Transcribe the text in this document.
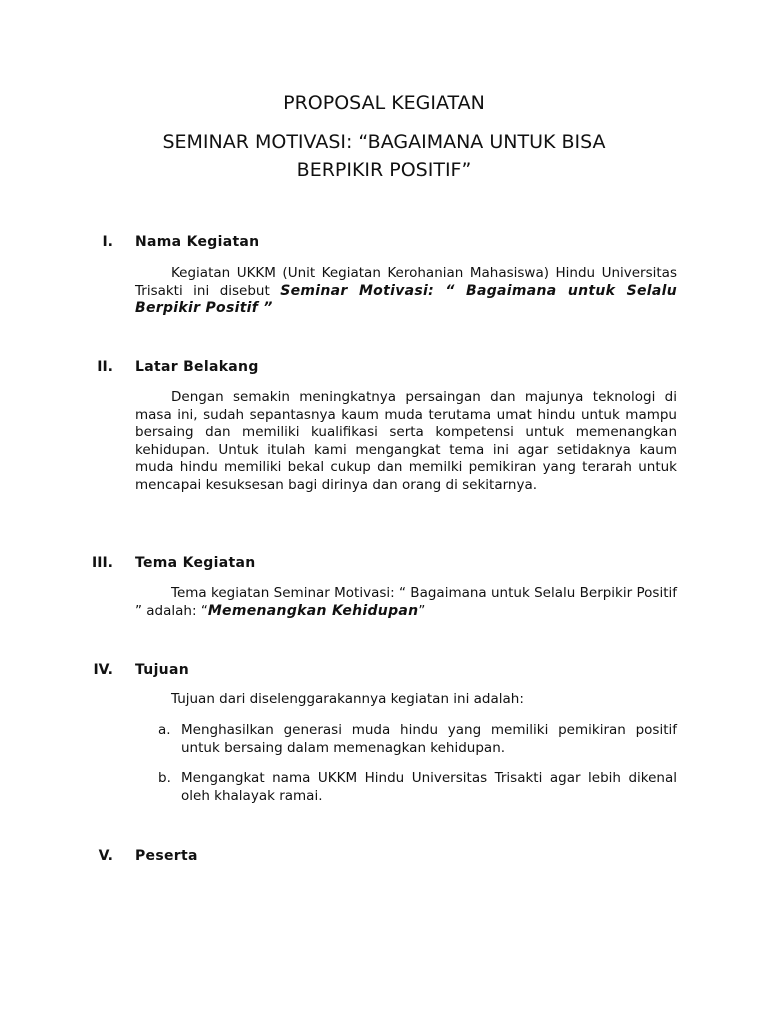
PROPOSAL KEGIATAN
SEMINAR MOTIVASI: “BAGAIMANA UNTUK BISA
BERPIKIR POSITIF”
I. Nama Kegiatan

Kegiatan UKKM (Unit Kegiatan Kerohanian Mahasiswa) Hindu Universitas Trisakti ini disebut Seminar Motivasi: “ Bagaimana untuk Selalu Berpikir Positif ”

II. Latar Belakang

Dengan semakin meningkatnya persaingan dan majunya teknologi di masa ini, sudah sepantasnya kaum muda terutama umat hindu untuk mampu bersaing dan memiliki kualifikasi serta kompetensi untuk memenangkan kehidupan. Untuk itulah kami mengangkat tema ini agar setidaknya kaum muda hindu memiliki bekal cukup dan memilki pemikiran yang terarah untuk mencapai kesuksesan bagi dirinya dan orang di sekitarnya.

III. Tema Kegiatan

Tema kegiatan Seminar Motivasi: “ Bagaimana untuk Selalu Berpikir Positif ” adalah: “Memenangkan Kehidupan”

IV. Tujuan

Tujuan dari diselenggarakannya kegiatan ini adalah:

a. Menghasilkan generasi muda hindu yang memiliki pemikiran positif untuk bersaing dalam memenagkan kehidupan.
b. Mengangkat nama UKKM Hindu Universitas Trisakti agar lebih dikenal oleh khalayak ramai.
V. Peserta
